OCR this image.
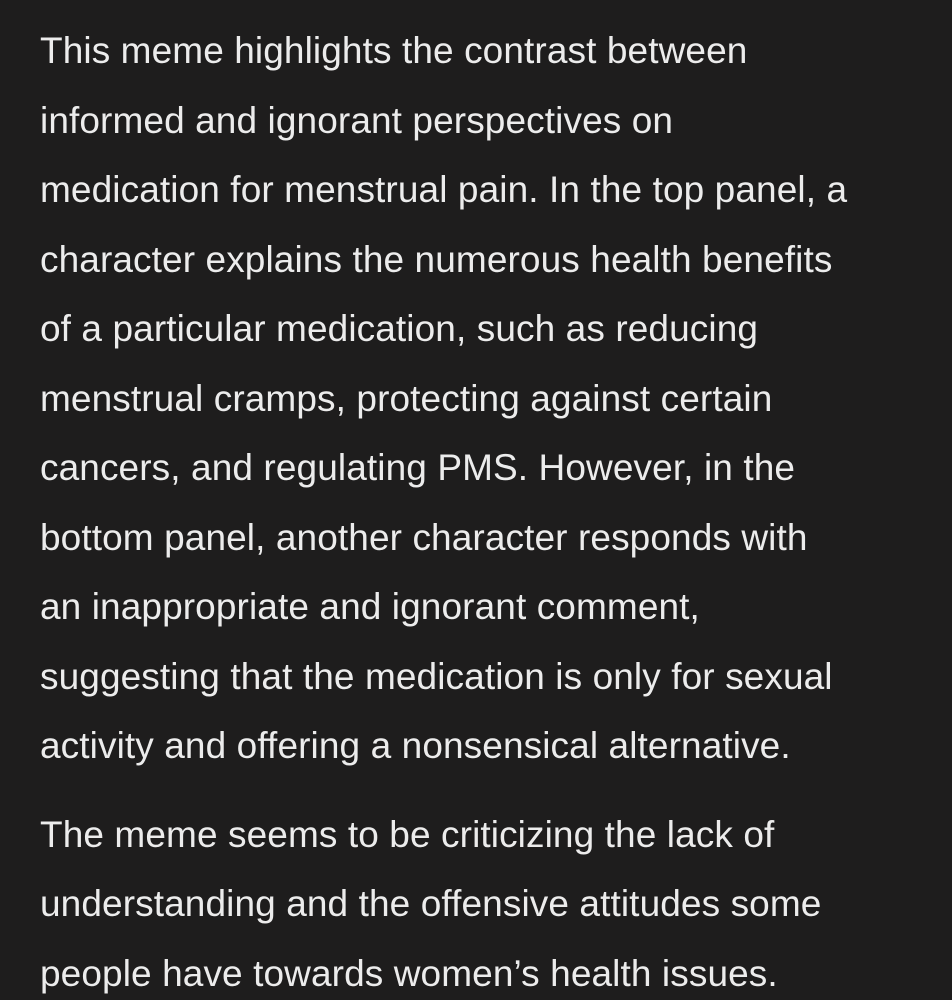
This meme highlights the contrast between
informed and ignorant perspectives on
medication for menstrual pain. In the top panel, a
character explains the numerous health benefits
of a particular medication, such as reducing
menstrual cramps, protecting against certain
cancers, and regulating PMS. However, in the
bottom panel, another character responds with
an inappropriate and ignorant comment,
suggesting that the medication is only for sexual
activity and offering a nonsensical alternative.

The meme seems to be criticizing the lack of
understanding and the offensive attitudes some
people have towards women’s health issues.
